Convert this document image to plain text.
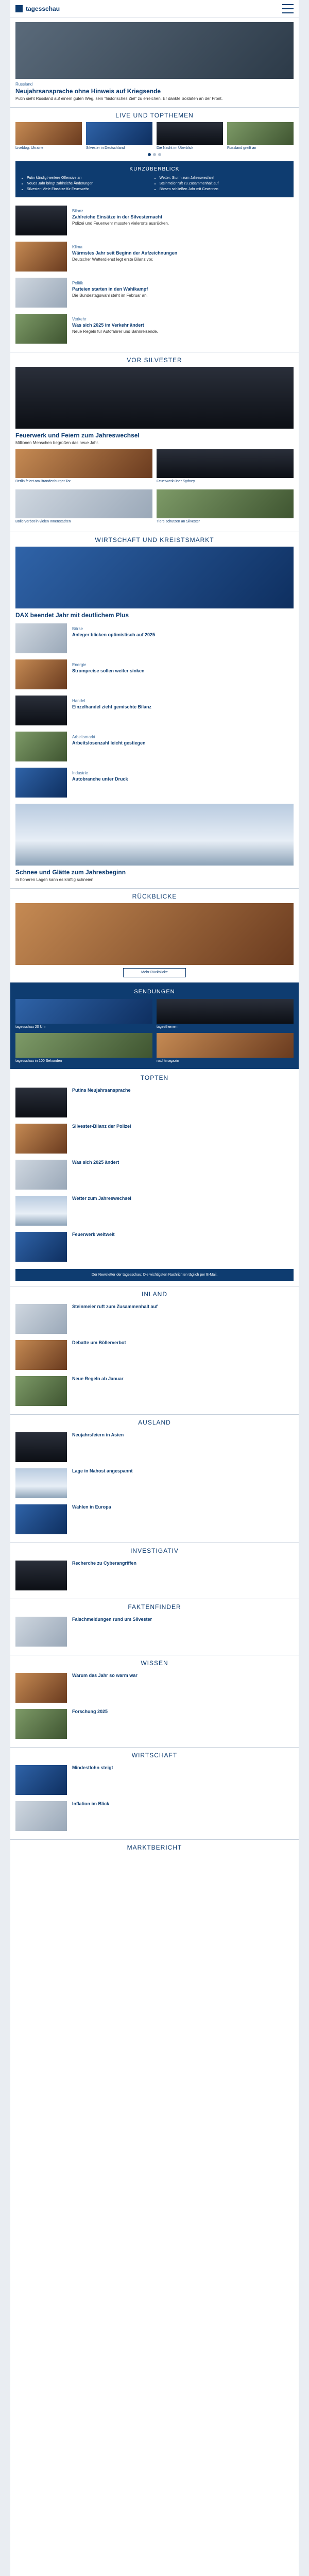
tagesschau
Russland
Neujahrsansprache ohne Hinweis auf Kriegsende
Putin sieht Russland auf einem guten Weg, sein "historisches Ziel" zu erreichen. Er dankte Soldaten an der Front.
LIVE UND TOPTHEMEN
Liveblog: Ukraine	Silvester in Deutschland	Die Nacht im Überblick	Russland greift an
KURZÜBERBLICK
• Putin kündigt weitere Offensive an
• Neues Jahr bringt zahlreiche Änderungen
• Silvester: Viele Einsätze für Feuerwehr
• Wetter: Sturm zum Jahreswechsel
• Steinmeier ruft zu Zusammenhalt auf
• Börsen schließen Jahr mit Gewinnen
Bilanz
Zahlreiche Einsätze in der Silvesternacht
Polizei und Feuerwehr mussten vielerorts ausrücken.
Klima
Wärmstes Jahr seit Beginn der Aufzeichnungen
Deutscher Wetterdienst legt erste Bilanz vor.
Politik
Parteien starten in den Wahlkampf
Die Bundestagswahl steht im Februar an.
Verkehr
Was sich 2025 im Verkehr ändert
Neue Regeln für Autofahrer und Bahnreisende.
VOR SILVESTER
Feuerwerk und Feiern zum Jahreswechsel
Millionen Menschen begrüßen das neue Jahr.
Berlin feiert am Brandenburger Tor	Feuerwerk über Sydney
Böllerverbot in vielen Innenstädten	Tiere schützen an Silvester
WIRTSCHAFT UND KREISTSMARKT
DAX beendet Jahr mit deutlichem Plus
Börse
Anleger blicken optimistisch auf 2025
Energie
Strompreise sollen weiter sinken
Handel
Einzelhandel zieht gemischte Bilanz
Arbeitsmarkt
Arbeitslosenzahl leicht gestiegen
Industrie
Autobranche unter Druck
Schnee und Glätte zum Jahresbeginn
In höheren Lagen kann es kräftig schneien.
RÜCKBLICKE
Mehr Rückblicke
SENDUNGEN
tagesschau 20 Uhr	tagesthemen
tagesschau in 100 Sekunden	nachtmagazin
TOPTEN
Putins Neujahrsansprache
Silvester-Bilanz der Polizei
Was sich 2025 ändert
Wetter zum Jahreswechsel
Feuerwerk weltweit
Der Newsletter der tagesschau: Die wichtigsten Nachrichten täglich per E-Mail.
INLAND
Steinmeier ruft zum Zusammenhalt auf
Debatte um Böllerverbot
Neue Regeln ab Januar
AUSLAND
Neujahrsfeiern in Asien
Lage in Nahost angespannt
Wahlen in Europa
INVESTIGATIV
Recherche zu Cyberangriffen
FAKTENFINDER
Falschmeldungen rund um Silvester
WISSEN
Warum das Jahr so warm war
Forschung 2025
WIRTSCHAFT
Mindestlohn steigt
Inflation im Blick
MARKTBERICHT
